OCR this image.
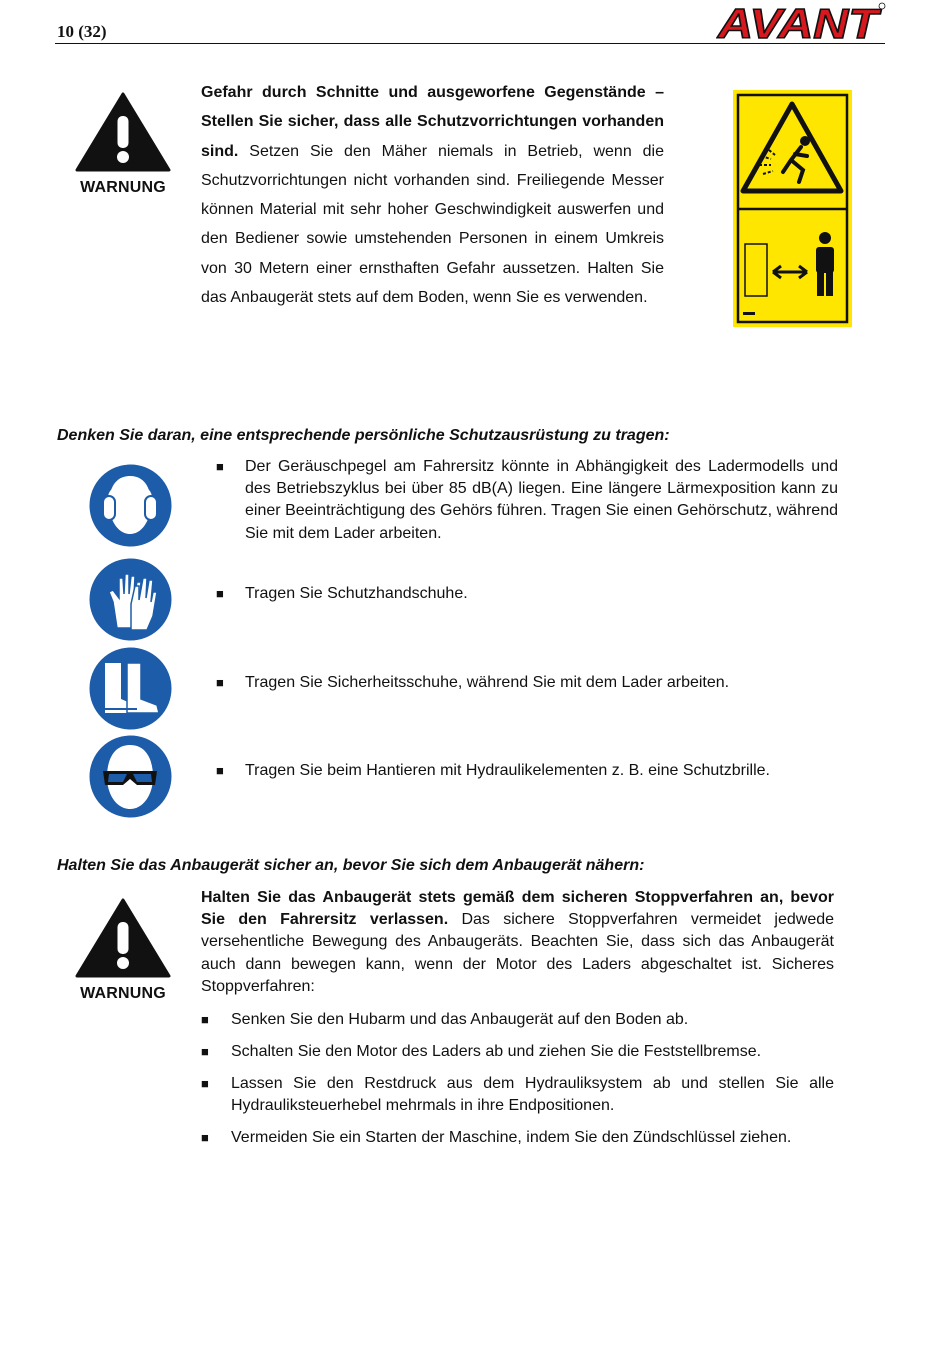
10 (32)	AVANT
WARNUNG
Gefahr durch Schnitte und ausgeworfene Gegenstände – Stellen Sie sicher, dass alle Schutzvorrichtungen vorhanden sind. Setzen Sie den Mäher niemals in Betrieb, wenn die Schutzvorrichtungen nicht vorhanden sind. Freiliegende Messer können Material mit sehr hoher Geschwindigkeit auswerfen und den Bediener sowie umstehenden Personen in einem Umkreis von 30 Metern einer ernsthaften Gefahr aussetzen. Halten Sie das Anbaugerät stets auf dem Boden, wenn Sie es verwenden.
Denken Sie daran, eine entsprechende persönliche Schutzausrüstung zu tragen:
■ Der Geräuschpegel am Fahrersitz könnte in Abhängigkeit des Ladermodells und des Betriebszyklus bei über 85 dB(A) liegen. Eine längere Lärmexposition kann zu einer Beeinträchtigung des Gehörs führen. Tragen Sie einen Gehörschutz, während Sie mit dem Lader arbeiten.
■ Tragen Sie Schutzhandschuhe.
■ Tragen Sie Sicherheitsschuhe, während Sie mit dem Lader arbeiten.
■ Tragen Sie beim Hantieren mit Hydraulikelementen z. B. eine Schutzbrille.
Halten Sie das Anbaugerät sicher an, bevor Sie sich dem Anbaugerät nähern:
WARNUNG
Halten Sie das Anbaugerät stets gemäß dem sicheren Stoppverfahren an, bevor Sie den Fahrersitz verlassen. Das sichere Stoppverfahren vermeidet jedwede versehentliche Bewegung des Anbaugeräts. Beachten Sie, dass sich das Anbaugerät auch dann bewegen kann, wenn der Motor des Laders abgeschaltet ist. Sicheres Stoppverfahren:
■ Senken Sie den Hubarm und das Anbaugerät auf den Boden ab.
■ Schalten Sie den Motor des Laders ab und ziehen Sie die Feststellbremse.
■ Lassen Sie den Restdruck aus dem Hydrauliksystem ab und stellen Sie alle Hydrauliksteuerhebel mehrmals in ihre Endpositionen.
■ Vermeiden Sie ein Starten der Maschine, indem Sie den Zündschlüssel ziehen.
